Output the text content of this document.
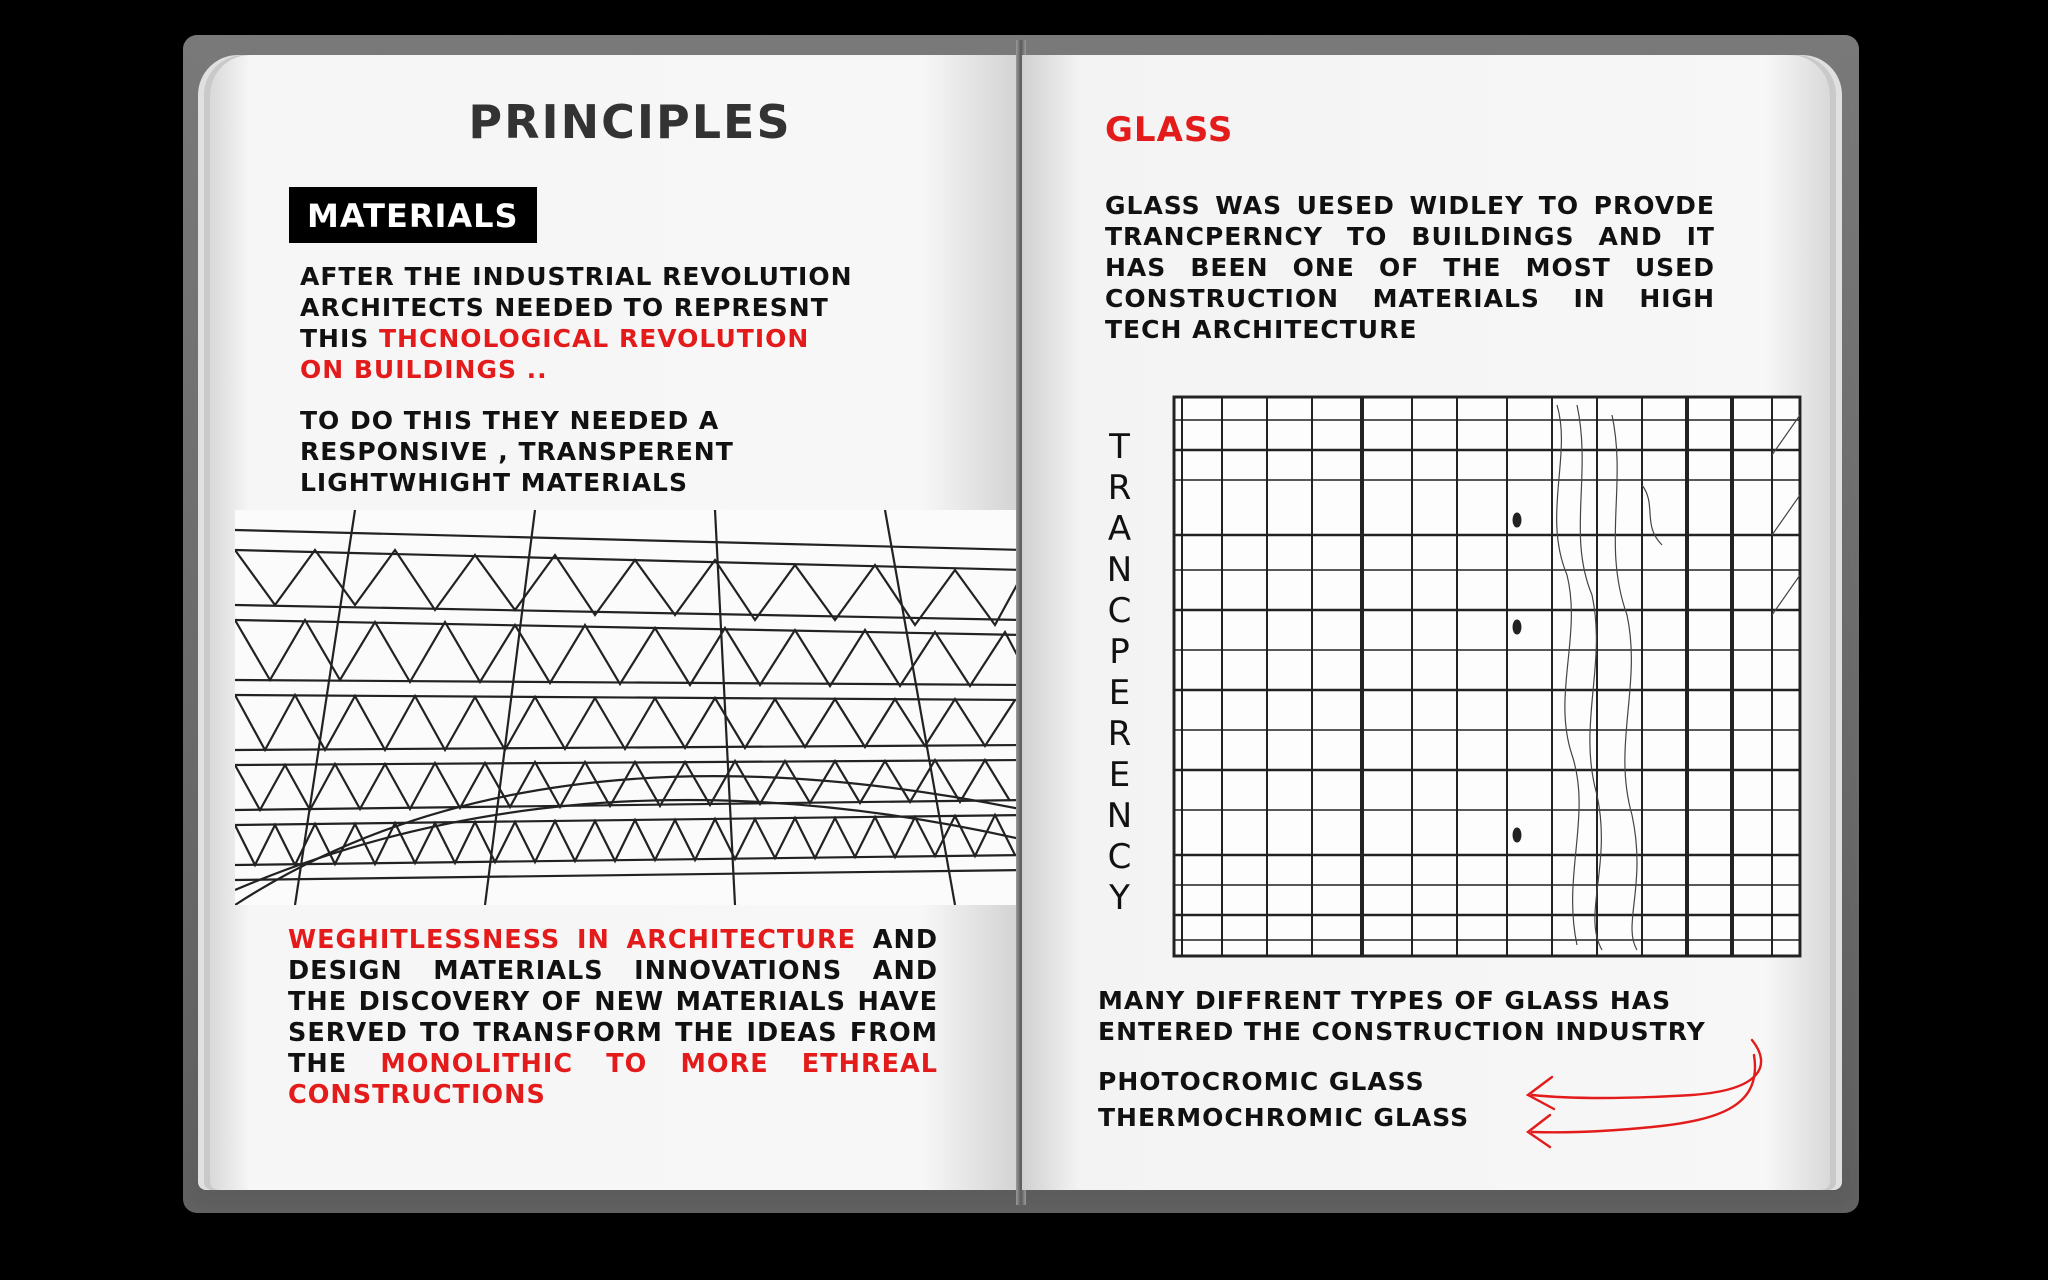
PRINCIPLES
MATERIALS

AFTER THE INDUSTRIAL REVOLUTION
ARCHITECTS NEEDED TO REPRESNT
THIS THCNOLOGICAL REVOLUTION
ON BUILDINGS ..

TO DO THIS THEY NEEDED A
RESPONSIVE , TRANSPERENT
LIGHTWHIGHT MATERIALS

WEGHITLESSNESS IN ARCHITECTURE AND DESIGN MATERIALS INNOVATIONS AND THE DISCOVERY OF NEW MATERIALS HAVE SERVED TO TRANSFORM THE IDEAS FROM THE MONOLITHIC TO MORE ETHREAL CONSTRUCTIONS

GLASS

GLASS WAS UESED WIDLEY TO PROVDE TRANCPERNCY TO BUILDINGS AND IT HAS BEEN ONE OF THE MOST USED CONSTRUCTION MATERIALS IN HIGH TECH ARCHITECTURE

T
R
A
N
C
P
E
R
E
N
C
Y

MANY DIFFRENT TYPES OF GLASS HAS
ENTERED THE CONSTRUCTION INDUSTRY

PHOTOCROMIC GLASS
THERMOCHROMIC GLASS
